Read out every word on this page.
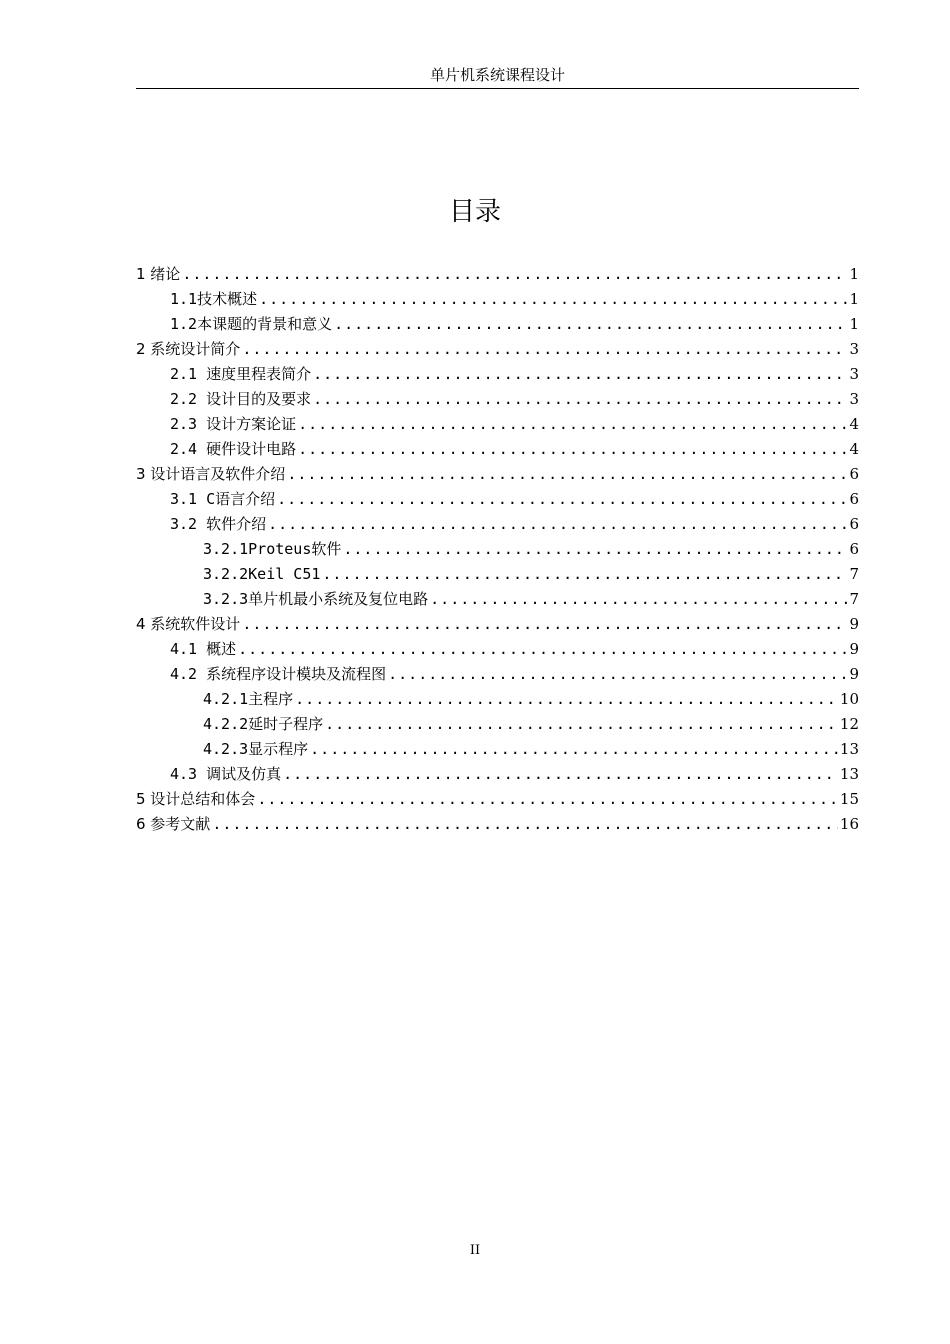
单片机系统课程设计
目录
1 绪论 .....	1
1.1技术概述 .....	1
1.2本课题的背景和意义 .....	1
2 系统设计简介 .....	3
2.1 速度里程表简介 .....	3
2.2 设计目的及要求 .....	3
2.3 设计方案论证 .....	4
2.4 硬件设计电路 .....	4
3 设计语言及软件介绍 .....	6
3.1 C语言介绍 .....	6
3.2 软件介绍 .....	6
3.2.1Proteus软件 .....	6
3.2.2Keil C51 .....	7
3.2.3单片机最小系统及复位电路 .....	7
4 系统软件设计 .....	9
4.1 概述 .....	9
4.2 系统程序设计模块及流程图 .....	9
4.2.1主程序 .....	10
4.2.2延时子程序 .....	12
4.2.3显示程序 .....	13
4.3 调试及仿真 .....	13
5 设计总结和体会 .....	15
6 参考文献 .....	16
II
